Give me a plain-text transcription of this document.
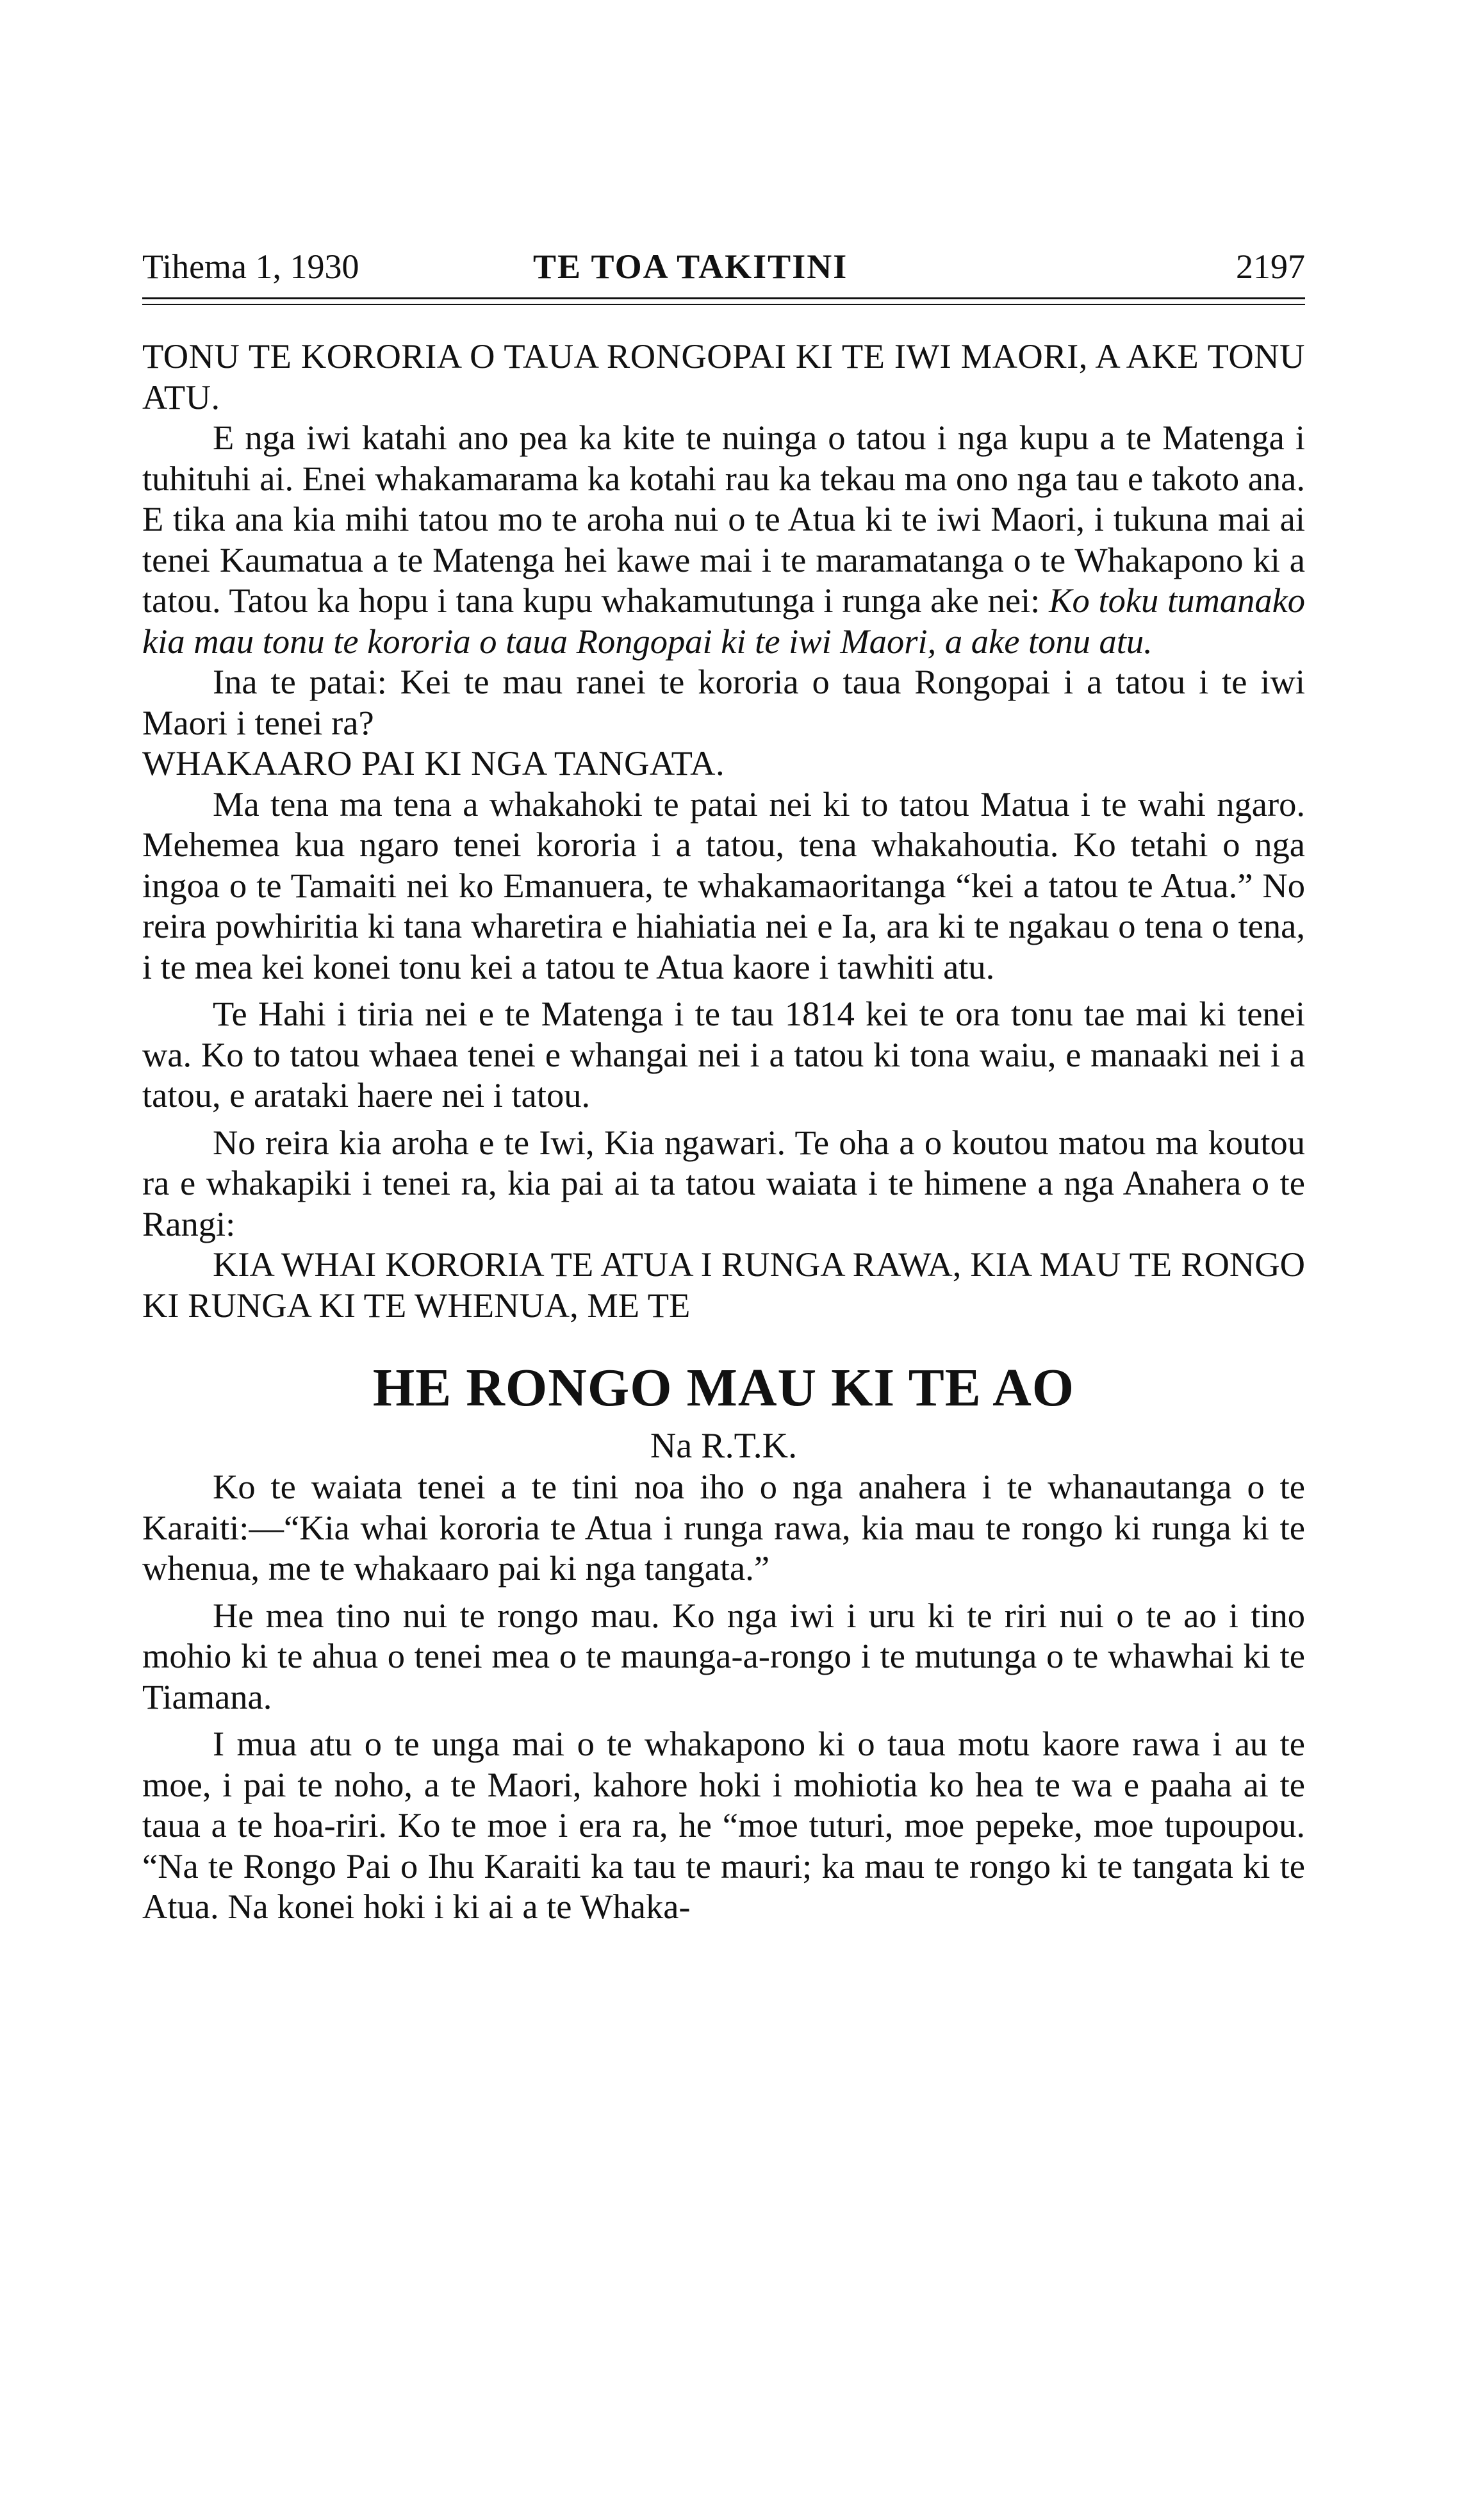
Tihema 1, 1930	TE TOA TAKITINI	2197

TONU TE KORORIA O TAUA RONGOPAI KI TE IWI MAORI, A AKE TONU ATU.

E nga iwi katahi ano pea ka kite te nuinga o tatou i nga kupu a te Matenga i tuhituhi ai. Enei whakamarama ka kotahi rau ka tekau ma ono nga tau e takoto ana. E tika ana kia mihi tatou mo te aroha nui o te Atua ki te iwi Maori, i tukuna mai ai tenei Kaumatua a te Matenga hei kawe mai i te maramatanga o te Whakapono ki a tatou. Tatou ka hopu i tana kupu whakamutunga i runga ake nei: Ko toku tumanako kia mau tonu te kororia o taua Rongopai ki te iwi Maori, a ake tonu atu.

Ina te patai: Kei te mau ranei te kororia o taua Rongopai i a tatou i te iwi Maori i tenei ra?

WHAKAARO PAI KI NGA TANGATA.

Ma tena ma tena a whakahoki te patai nei ki to tatou Matua i te wahi ngaro. Mehemea kua ngaro tenei kororia i a tatou, tena whakahoutia. Ko tetahi o nga ingoa o te Tamaiti nei ko Emanuera, te whakamaoritanga “kei a tatou te Atua.” No reira powhiritia ki tana wharetira e hiahiatia nei e Ia, ara ki te ngakau o tena o tena, i te mea kei konei tonu kei a tatou te Atua kaore i tawhiti atu.

Te Hahi i tiria nei e te Matenga i te tau 1814 kei te ora tonu tae mai ki tenei wa. Ko to tatou whaea tenei e whangai nei i a tatou ki tona waiu, e manaaki nei i a tatou, e arataki haere nei i tatou.

No reira kia aroha e te Iwi, Kia ngawari. Te oha a o koutou matou ma koutou ra e whakapiki i tenei ra, kia pai ai ta tatou waiata i te himene a nga Anahera o te Rangi:

KIA WHAI KORORIA TE ATUA I RUNGA RAWA, KIA MAU TE RONGO KI RUNGA KI TE WHENUA, ME TE

HE RONGO MAU KI TE AO
Na R.T.K.

Ko te waiata tenei a te tini noa iho o nga anahera i te whanautanga o te Karaiti:—“Kia whai kororia te Atua i runga rawa, kia mau te rongo ki runga ki te whenua, me te whakaaro pai ki nga tangata.”

He mea tino nui te rongo mau. Ko nga iwi i uru ki te riri nui o te ao i tino mohio ki te ahua o tenei mea o te maunga-a-rongo i te mutunga o te whawhai ki te Tiamana.

I mua atu o te unga mai o te whakapono ki o taua motu kaore rawa i au te moe, i pai te noho, a te Maori, kahore hoki i mohiotia ko hea te wa e paaha ai te taua a te hoa-riri. Ko te moe i era ra, he “moe tuturi, moe pepeke, moe tupoupou. “Na te Rongo Pai o Ihu Karaiti ka tau te mauri; ka mau te rongo ki te tangata ki te Atua. Na konei hoki i ki ai a te Whaka-
